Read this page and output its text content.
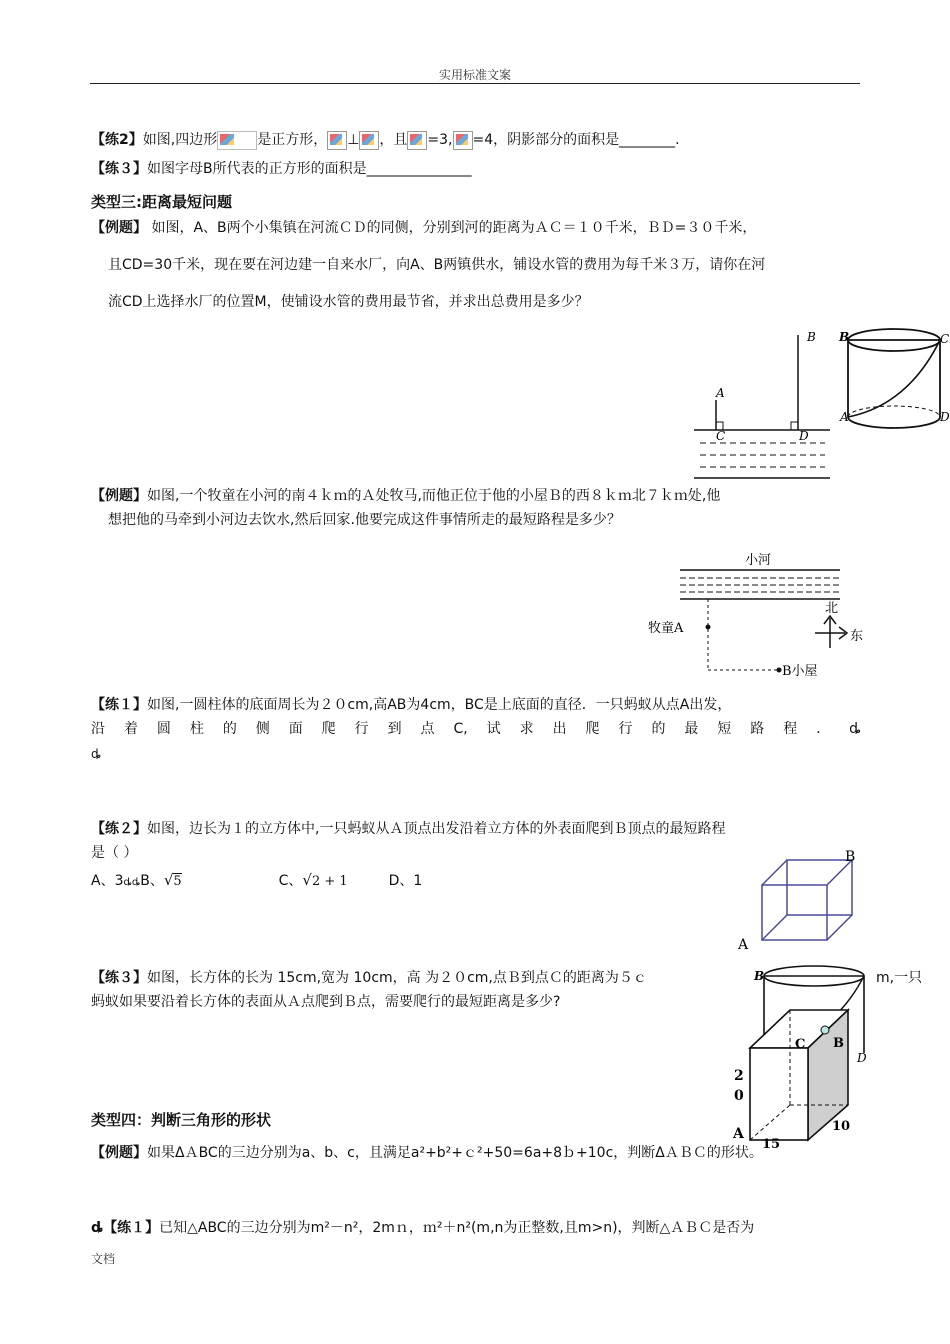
实用标准文案
【练2】如图,四边形	是正方形， ⊥ ，且 =3, =4，阴影部分的面积是________.
【练３】如图字母B所代表的正方形的面积是_______________
类型三:距离最短问题
【例题】 如图，A、B两个小集镇在河流ＣＤ的同侧，分别到河的距离为ＡＣ＝１０千米，ＢＤ=３０千米，
且CD=30千米，现在要在河边建一自来水厂，向A、B两镇供水，铺设水管的费用为每千米３万，请你在河
流CD上选择水厂的位置M，使铺设水管的费用最节省，并求出总费用是多少？
B
A
C	D
B	C
A	D
【例题】如图,一个牧童在小河的南４ｋｍ的Ａ处牧马,而他正位于他的小屋Ｂ的西８ｋｍ北７ｋｍ处,他
想把他的马牵到小河边去饮水,然后回家.他要完成这件事情所走的最短路程是多少？
小河
牧童A
B小屋
北
东
【练１】如图,一圆柱体的底面周长为２０cm,高AB为4cm，BC是上底面的直径．一只蚂蚁从点A出发，
沿 着 圆 柱 的 侧 面 爬 行 到 点 C, 试 求 出 爬 行 的 最 短 路 程 ． ȡ
ȡ
【练２】如图，边长为１的立方体中,一只蚂蚁从Ａ顶点出发沿着立方体的外表面爬到Ｂ顶点的最短路程
是（ ）
A、3ȡȡB、√5	C、√2 + 1	D、1
B
A
【练３】如图，长方体的长为 15cm,宽为 10cm，高 为２０cm,点Ｂ到点Ｃ的距离为５ｃ	m,一只
蚂蚁如果要沿着长方体的表面从Ａ点爬到Ｂ点，需要爬行的最短距离是多少?
B
D
C B
2
0
A
15
10
类型四：判断三角形的形状
【例题】如果ΔＡBC的三边分别为a、b、c，且满足a²+b²+ｃ²+50=6a+8ｂ+10c，判断ΔＡＢＣ的形状。
ȡ【练１】已知△ABC的三边分别为m²－n²，2mｎ，ｍ²＋n²(m,n为正整数,且m>n)，判断△ＡＢＣ是否为
文档
